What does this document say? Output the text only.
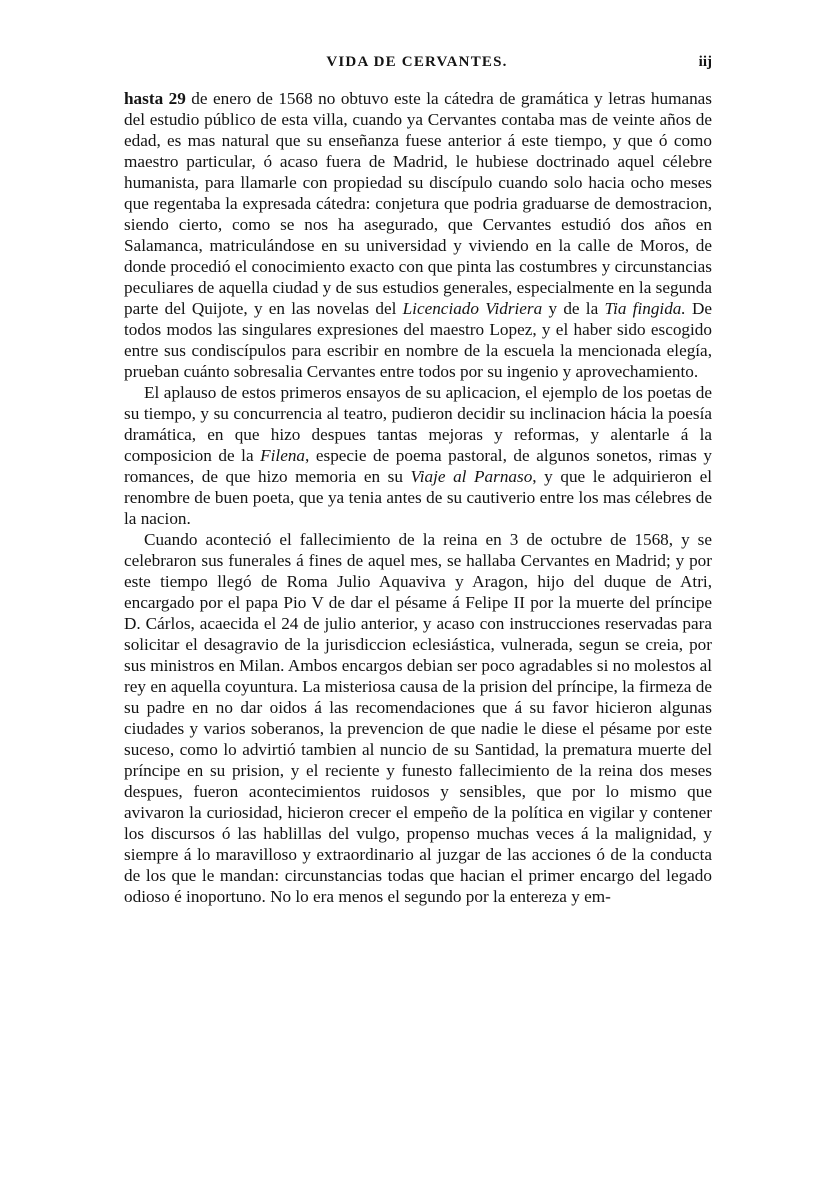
VIDA DE CERVANTES.	iij

hasta 29 de enero de 1568 no obtuvo este la cátedra de gramática y letras humanas del estudio público de esta villa, cuando ya Cervantes contaba mas de veinte años de edad, es mas natural que su enseñanza fuese anterior á este tiempo, y que ó como maestro particular, ó acaso fuera de Madrid, le hubiese doctrinado aquel célebre humanista, para llamarle con propiedad su discípulo cuando solo hacia ocho meses que regentaba la expresada cátedra: conjetura que podria graduarse de demostracion, siendo cierto, como se nos ha asegurado, que Cervantes estudió dos años en Salamanca, matriculándose en su universidad y viviendo en la calle de Moros, de donde procedió el conocimiento exacto con que pinta las costumbres y circunstancias peculiares de aquella ciudad y de sus estudios generales, especialmente en la segunda parte del Quijote, y en las novelas del Licenciado Vidriera y de la Tia fingida. De todos modos las singulares expresiones del maestro Lopez, y el haber sido escogido entre sus condiscípulos para escribir en nombre de la escuela la mencionada elegía, prueban cuánto sobresalia Cervantes entre todos por su ingenio y aprovechamiento.

El aplauso de estos primeros ensayos de su aplicacion, el ejemplo de los poetas de su tiempo, y su concurrencia al teatro, pudieron decidir su inclinacion hácia la poesía dramática, en que hizo despues tantas mejoras y reformas, y alentarle á la composicion de la Filena, especie de poema pastoral, de algunos sonetos, rimas y romances, de que hizo memoria en su Viaje al Parnaso, y que le adquirieron el renombre de buen poeta, que ya tenia antes de su cautiverio entre los mas célebres de la nacion.

Cuando aconteció el fallecimiento de la reina en 3 de octubre de 1568, y se celebraron sus funerales á fines de aquel mes, se hallaba Cervantes en Madrid; y por este tiempo llegó de Roma Julio Aquaviva y Aragon, hijo del duque de Atri, encargado por el papa Pio V de dar el pésame á Felipe II por la muerte del príncipe D. Cárlos, acaecida el 24 de julio anterior, y acaso con instrucciones reservadas para solicitar el desagravio de la jurisdiccion eclesiástica, vulnerada, segun se creia, por sus ministros en Milan. Ambos encargos debian ser poco agradables si no molestos al rey en aquella coyuntura. La misteriosa causa de la prision del príncipe, la firmeza de su padre en no dar oidos á las recomendaciones que á su favor hicieron algunas ciudades y varios soberanos, la prevencion de que nadie le diese el pésame por este suceso, como lo advirtió tambien al nuncio de su Santidad, la prematura muerte del príncipe en su prision, y el reciente y funesto fallecimiento de la reina dos meses despues, fueron acontecimientos ruidosos y sensibles, que por lo mismo que avivaron la curiosidad, hicieron crecer el empeño de la política en vigilar y contener los discursos ó las hablillas del vulgo, propenso muchas veces á la malignidad, y siempre á lo maravilloso y extraordinario al juzgar de las acciones ó de la conducta de los que le mandan: circunstancias todas que hacian el primer encargo del legado odioso é inoportuno. No lo era menos el segundo por la entereza y em-
